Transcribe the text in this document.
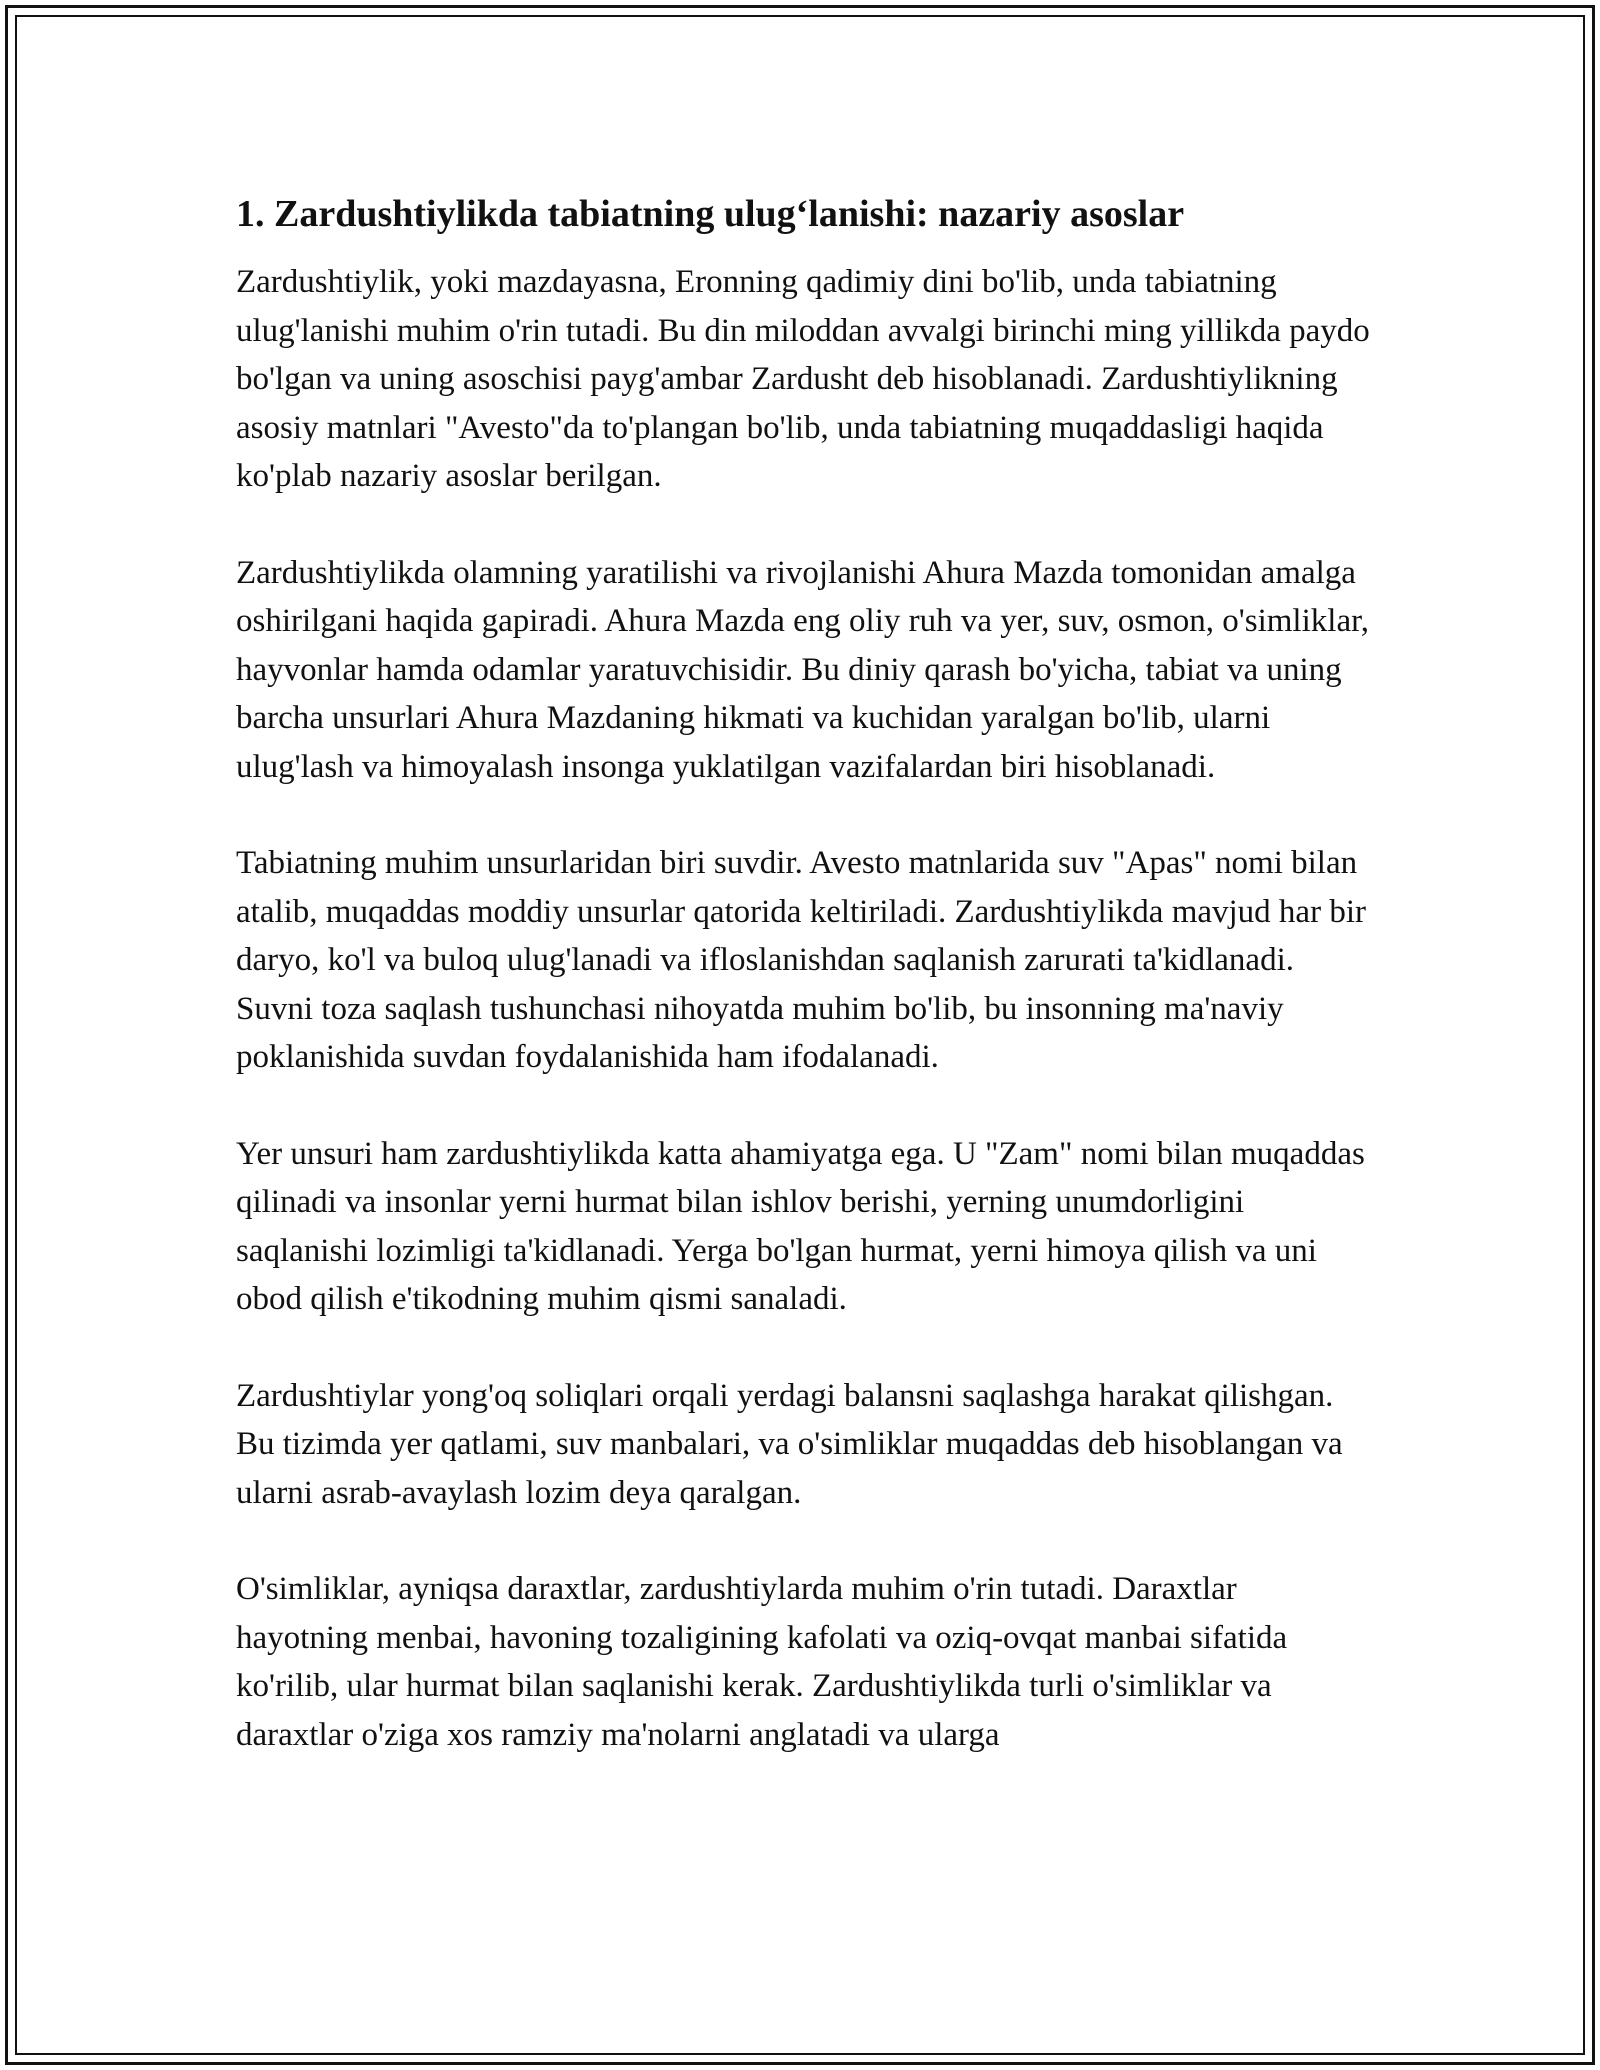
1. Zardushtiylikda tabiatning ulug‘lanishi: nazariy asoslar

Zardushtiylik, yoki mazdayasna, Eronning qadimiy dini bo'lib, unda tabiatning ulug'lanishi muhim o'rin tutadi. Bu din miloddan avvalgi birinchi ming yillikda paydo bo'lgan va uning asoschisi payg'ambar Zardusht deb hisoblanadi. Zardushtiylikning asosiy matnlari "Avesto"da to'plangan bo'lib, unda tabiatning muqaddasligi haqida ko'plab nazariy asoslar berilgan.

Zardushtiylikda olamning yaratilishi va rivojlanishi Ahura Mazda tomonidan amalga oshirilgani haqida gapiradi. Ahura Mazda eng oliy ruh va yer, suv, osmon, o'simliklar, hayvonlar hamda odamlar yaratuvchisidir. Bu diniy qarash bo'yicha, tabiat va uning barcha unsurlari Ahura Mazdaning hikmati va kuchidan yaralgan bo'lib, ularni ulug'lash va himoyalash insonga yuklatilgan vazifalardan biri hisoblanadi.

Tabiatning muhim unsurlaridan biri suvdir. Avesto matnlarida suv "Apas" nomi bilan atalib, muqaddas moddiy unsurlar qatorida keltiriladi. Zardushtiylikda mavjud har bir daryo, ko'l va buloq ulug'lanadi va ifloslanishdan saqlanish zarurati ta'kidlanadi. Suvni toza saqlash tushunchasi nihoyatda muhim bo'lib, bu insonning ma'naviy poklanishida suvdan foydalanishida ham ifodalanadi.

Yer unsuri ham zardushtiylikda katta ahamiyatga ega. U "Zam" nomi bilan muqaddas qilinadi va insonlar yerni hurmat bilan ishlov berishi, yerning unumdorligini saqlanishi lozimligi ta'kidlanadi. Yerga bo'lgan hurmat, yerni himoya qilish va uni obod qilish e'tikodning muhim qismi sanaladi.

Zardushtiylar yong'oq soliqlari orqali yerdagi balansni saqlashga harakat qilishgan. Bu tizimda yer qatlami, suv manbalari, va o'simliklar muqaddas deb hisoblangan va ularni asrab-avaylash lozim deya qaralgan.

O'simliklar, ayniqsa daraxtlar, zardushtiylarda muhim o'rin tutadi. Daraxtlar hayotning menbai, havoning tozaligining kafolati va oziq-ovqat manbai sifatida ko'rilib, ular hurmat bilan saqlanishi kerak. Zardushtiylikda turli o'simliklar va daraxtlar o'ziga xos ramziy ma'nolarni anglatadi va ularga
